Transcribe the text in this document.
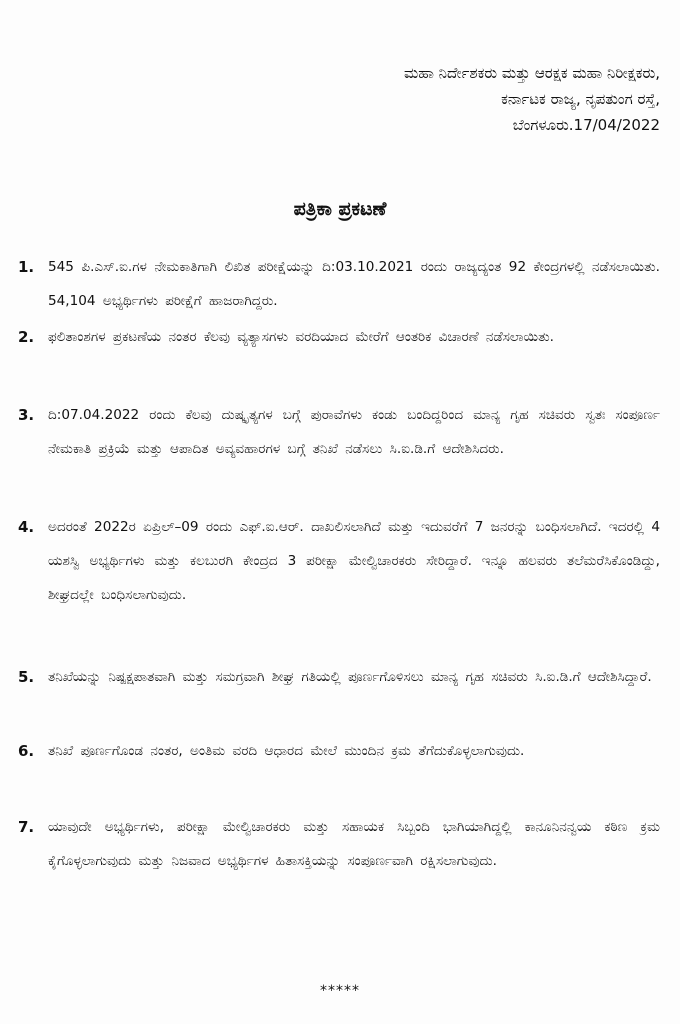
ಮಹಾ ನಿರ್ದೇಶಕರು ಮತ್ತು ಆರಕ್ಷಕ ಮಹಾ ನಿರೀಕ್ಷಕರು,
ಕರ್ನಾಟಕ ರಾಜ್ಯ, ನೃಪತುಂಗ ರಸ್ತೆ,
ಬೆಂಗಳೂರು.17/04/2022
ಪತ್ರಿಕಾ ಪ್ರಕಟಣೆ
1.	545 ಪಿ.ಎಸ್.ಐ.ಗಳ ನೇಮಕಾತಿಗಾಗಿ ಲಿಖಿತ ಪರೀಕ್ಷೆಯನ್ನು ದಿ:03.10.2021 ರಂದು ರಾಜ್ಯದ್ಯಂತ 92 ಕೇಂದ್ರಗಳಲ್ಲಿ ನಡೆಸಲಾಯಿತು. 54,104 ಅಭ್ಯರ್ಥಿಗಳು ಪರೀಕ್ಷೆಗೆ ಹಾಜರಾಗಿದ್ದರು.
2.	ಫಲಿತಾಂಶಗಳ ಪ್ರಕಟಣೆಯ ನಂತರ ಕೆಲವು ವ್ಯತ್ಯಾಸಗಳು ವರದಿಯಾದ ಮೇರೆಗೆ ಆಂತರಿಕ ವಿಚಾರಣೆ ನಡೆಸಲಾಯಿತು.
3.	ದಿ:07.04.2022 ರಂದು ಕೆಲವು ದುಷ್ಕೃತ್ಯಗಳ ಬಗ್ಗೆ ಪುರಾವೆಗಳು ಕಂಡು ಬಂದಿದ್ದರಿಂದ ಮಾನ್ಯ ಗೃಹ ಸಚಿವರು ಸ್ವತಃ ಸಂಪೂರ್ಣ ನೇಮಕಾತಿ ಪ್ರಕ್ರಿಯೆ ಮತ್ತು ಆಪಾದಿತ ಅವ್ಯವಹಾರಗಳ ಬಗ್ಗೆ ತನಿಖೆ ನಡೆಸಲು ಸಿ.ಐ.ಡಿ.ಗೆ ಆದೇಶಿಸಿದರು.
4.	ಅದರಂತೆ 2022ರ ಏಪ್ರಿಲ್–09 ರಂದು ಎಫ್.ಐ.ಆರ್. ದಾಖಲಿಸಲಾಗಿದೆ ಮತ್ತು ಇದುವರೆಗೆ 7 ಜನರನ್ನು ಬಂಧಿಸಲಾಗಿದೆ. ಇದರಲ್ಲಿ 4 ಯಶಸ್ವಿ ಅಭ್ಯರ್ಥಿಗಳು ಮತ್ತು ಕಲಬುರಗಿ ಕೇಂದ್ರದ 3 ಪರೀಕ್ಷಾ ಮೇಲ್ವಿಚಾರಕರು ಸೇರಿದ್ದಾರೆ. ಇನ್ನೂ ಹಲವರು ತಲೆಮರೆಸಿಕೊಂಡಿದ್ದು, ಶೀಘ್ರದಲ್ಲೇ ಬಂಧಿಸಲಾಗುವುದು.
5.	ತನಿಖೆಯನ್ನು ನಿಷ್ಪಕ್ಷಪಾತವಾಗಿ ಮತ್ತು ಸಮಗ್ರವಾಗಿ ಶೀಘ್ರ ಗತಿಯಲ್ಲಿ ಪೂರ್ಣಗೊಳಿಸಲು ಮಾನ್ಯ ಗೃಹ ಸಚಿವರು ಸಿ.ಐ.ಡಿ.ಗೆ ಆದೇಶಿಸಿದ್ದಾರೆ.
6.	ತನಿಖೆ ಪೂರ್ಣಗೊಂಡ ನಂತರ, ಅಂತಿಮ ವರದಿ ಆಧಾರದ ಮೇಲೆ ಮುಂದಿನ ಕ್ರಮ ತೆಗೆದುಕೊಳ್ಳಲಾಗುವುದು.
7.	ಯಾವುದೇ ಅಭ್ಯರ್ಥಿಗಳು, ಪರೀಕ್ಷಾ ಮೇಲ್ವಿಚಾರಕರು ಮತ್ತು ಸಹಾಯಕ ಸಿಬ್ಬಂದಿ ಭಾಗಿಯಾಗಿದ್ದಲ್ಲಿ ಕಾನೂನಿನನ್ವಯ ಕಠಿಣ ಕ್ರಮ ಕೈಗೊಳ್ಳಲಾಗುವುದು ಮತ್ತು ನಿಜವಾದ ಅಭ್ಯರ್ಥಿಗಳ ಹಿತಾಸಕ್ತಿಯನ್ನು ಸಂಪೂರ್ಣವಾಗಿ ರಕ್ಷಿಸಲಾಗುವುದು.
*****
